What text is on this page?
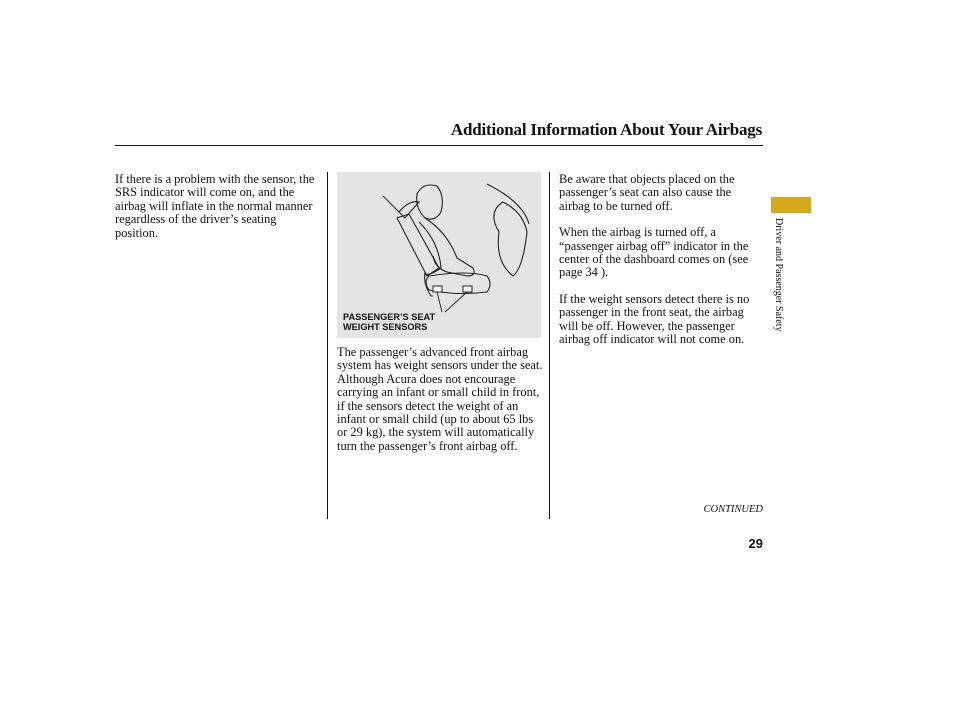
Additional Information About Your Airbags

If there is a problem with the sensor, the SRS indicator will come on, and the airbag will inflate in the normal manner regardless of the driver’s seating position.

PASSENGER’S SEAT
WEIGHT SENSORS

The passenger’s advanced front airbag system has weight sensors under the seat. Although Acura does not encourage carrying an infant or small child in front, if the sensors detect the weight of an infant or small child (up to about 65 lbs or 29 kg), the system will automatically turn the passenger’s front airbag off.

Be aware that objects placed on the passenger’s seat can also cause the airbag to be turned off.

When the airbag is turned off, a “passenger airbag off” indicator in the center of the dashboard comes on (see page 34 ).

If the weight sensors detect there is no passenger in the front seat, the airbag will be off. However, the passenger airbag off indicator will not come on.

Driver and Passenger Safety
CONTINUED
29
